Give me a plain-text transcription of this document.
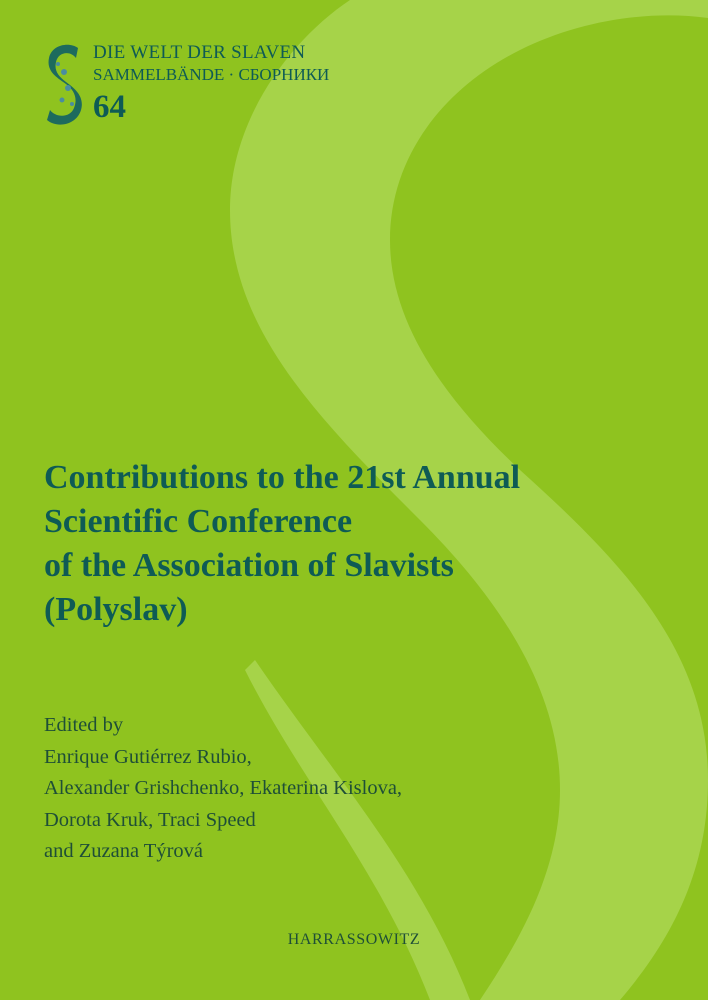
DIE WELT DER SLAVEN
SAMMELBÄNDE · СБОРНИКИ
64
Contributions to the 21st Annual
Scientific Conference
of the Association of Slavists
(Polyslav)
Edited by
Enrique Gutiérrez Rubio,
Alexander Grishchenko, Ekaterina Kislova,
Dorota Kruk, Traci Speed
and Zuzana Týrová
HARRASSOWITZ
